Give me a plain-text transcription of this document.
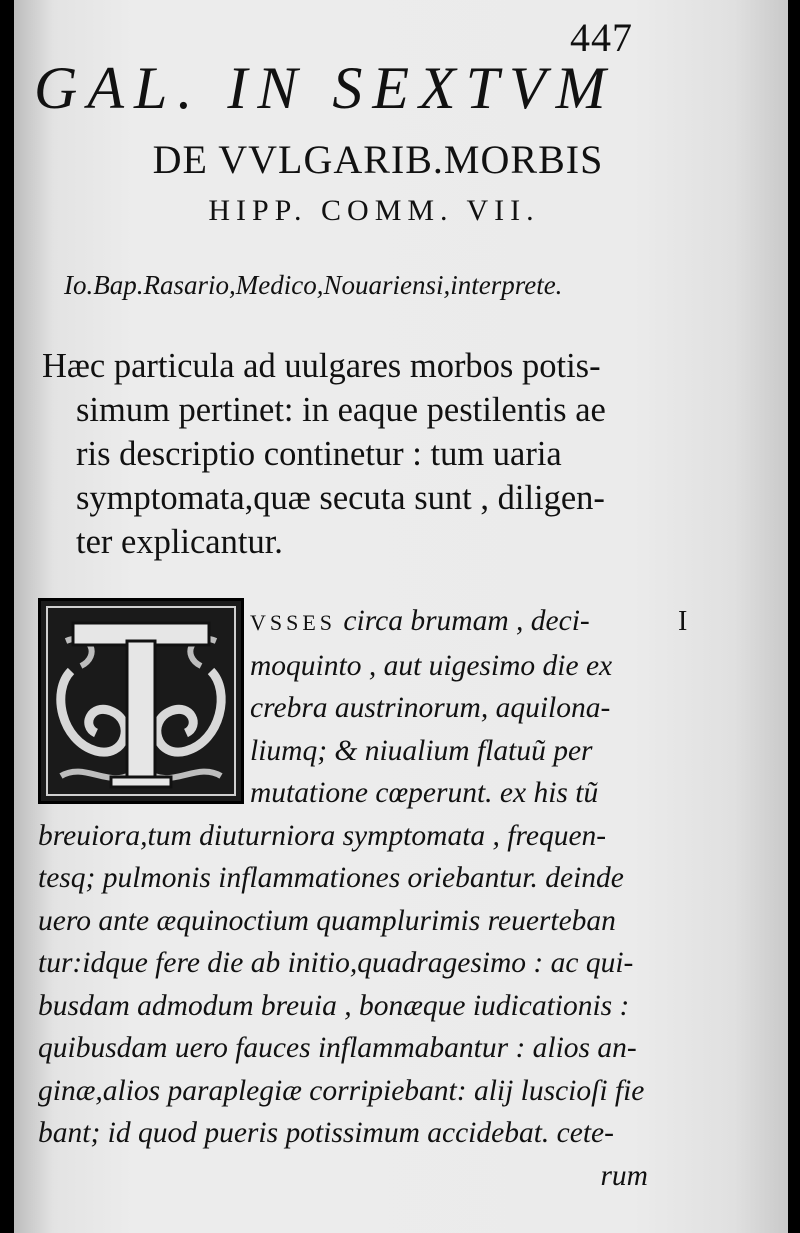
447
GAL. IN SEXTVM
DE VVLGARIB.MORBIS
HIPP. COMM. VII.
Io.Bap.Rasario,Medico,Nouariensi,interprete.
Hæc particula ad uulgares morbos potis-
simum pertinet: in eaque pestilentis ae
ris descriptio continetur : tum uaria
symptomata,quæ secuta sunt , diligen-
ter explicantur.
I
VSSES circa brumam , deci-
moquinto , aut uigesimo die ex
crebra austrinorum, aquilona-
liumq; & niualium flatuũ per
mutatione cœperunt. ex his tũ
breuiora,tum diuturniora symptomata , frequen-
tesq; pulmonis inflammationes oriebantur. deinde
uero ante æquinoctium quamplurimis reuerteban
tur:idque fere die ab initio,quadragesimo : ac qui-
busdam admodum breuia , bonæque iudicationis :
quibusdam uero fauces inflammabantur : alios an-
ginæ,alios paraplegiæ corripiebant: alij luscioſi fie
bant; id quod pueris potissimum accidebat. cete-
rum
